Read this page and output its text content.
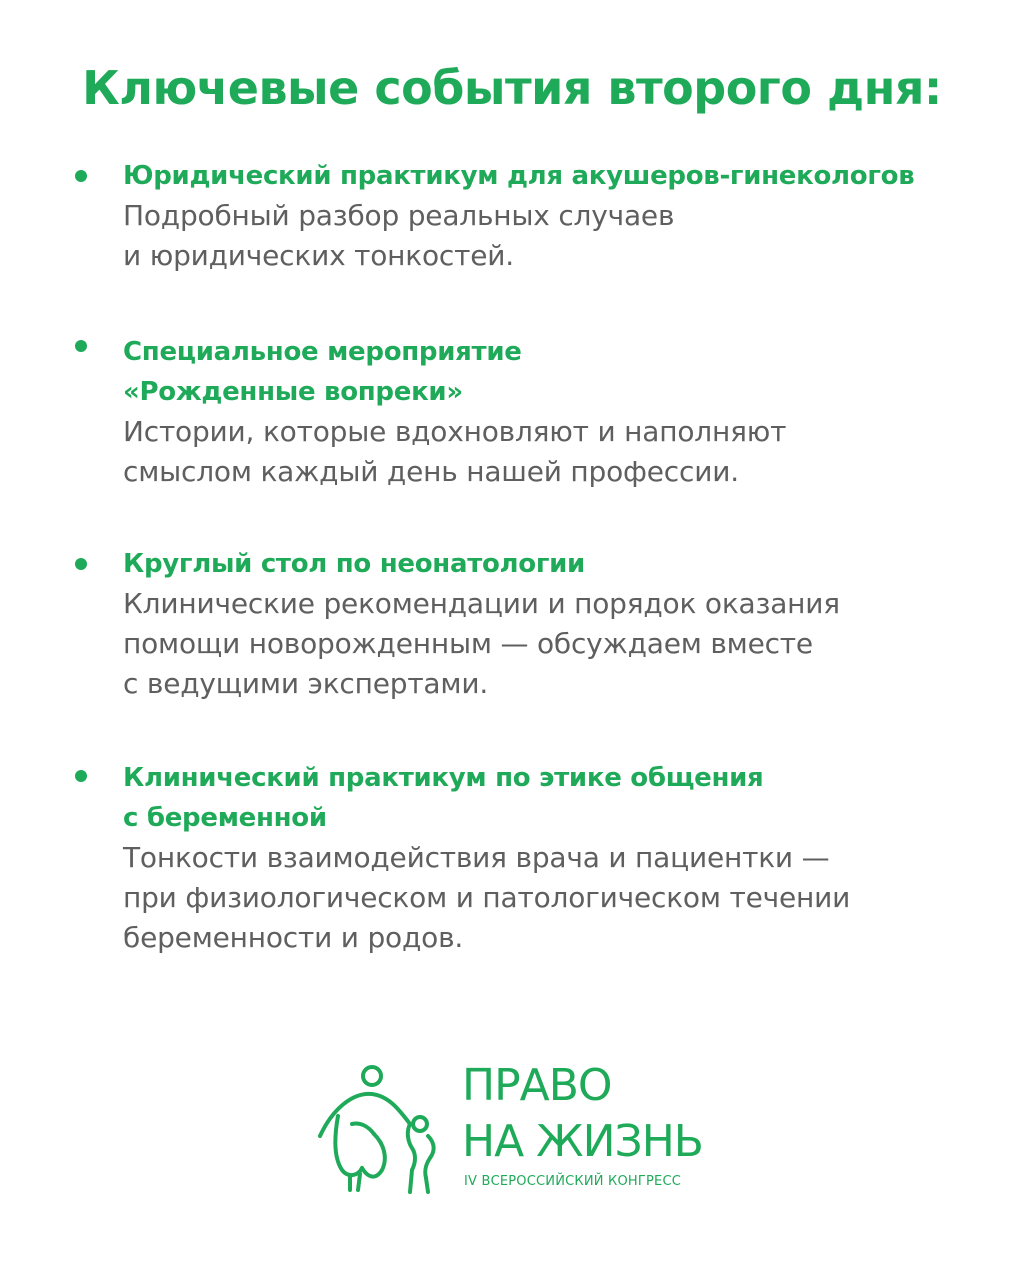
Ключевые события второго дня:
Юридический практикум для акушеров-гинекологов

Подробный разбор реальных случаев
и юридических тонкостей.

Специальное мероприятие
«Рожденные вопреки»

Истории, которые вдохновляют и наполняют
смыслом каждый день нашей профессии.

Круглый стол по неонатологии

Клинические рекомендации и порядок оказания
помощи новорожденным — обсуждаем вместе
с ведущими экспертами.

Клинический практикум по этике общения
с беременной

Тонкости взаимодействия врача и пациентки —
при физиологическом и патологическом течении
беременности и родов.

ПРАВО
НА ЖИЗНЬ
IV ВСЕРОССИЙСКИЙ КОНГРЕСС
